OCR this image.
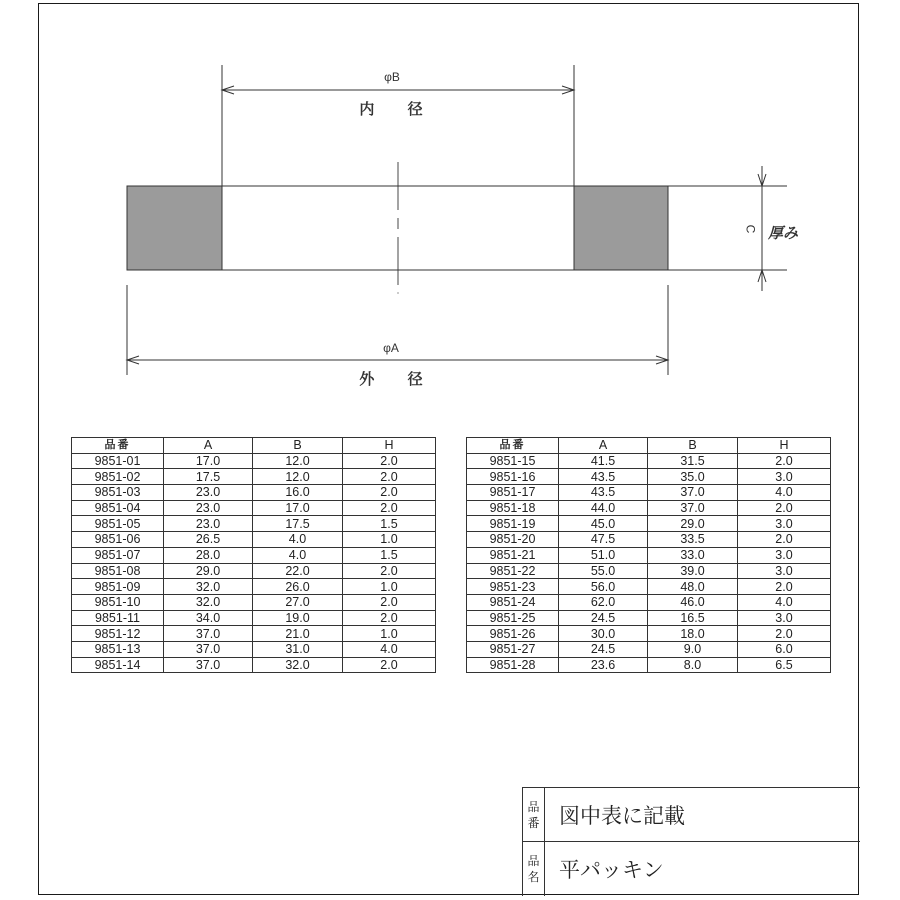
φB
内 径
φA
外 径
C 厚み
品番	A	B	H
9851-01	17.0	12.0	2.0
9851-02	17.5	12.0	2.0
9851-03	23.0	16.0	2.0
9851-04	23.0	17.0	2.0
9851-05	23.0	17.5	1.5
9851-06	26.5	4.0	1.0
9851-07	28.0	4.0	1.5
9851-08	29.0	22.0	2.0
9851-09	32.0	26.0	1.0
9851-10	32.0	27.0	2.0
9851-11	34.0	19.0	2.0
9851-12	37.0	21.0	1.0
9851-13	37.0	31.0	4.0
9851-14	37.0	32.0	2.0
品番	A	B	H
9851-15	41.5	31.5	2.0
9851-16	43.5	35.0	3.0
9851-17	43.5	37.0	4.0
9851-18	44.0	37.0	2.0
9851-19	45.0	29.0	3.0
9851-20	47.5	33.5	2.0
9851-21	51.0	33.0	3.0
9851-22	55.0	39.0	3.0
9851-23	56.0	48.0	2.0
9851-24	62.0	46.0	4.0
9851-25	24.5	16.5	3.0
9851-26	30.0	18.0	2.0
9851-27	24.5	9.0	6.0
9851-28	23.6	8.0	6.5
品
番 図中表に記載
品
名 平パッキン
